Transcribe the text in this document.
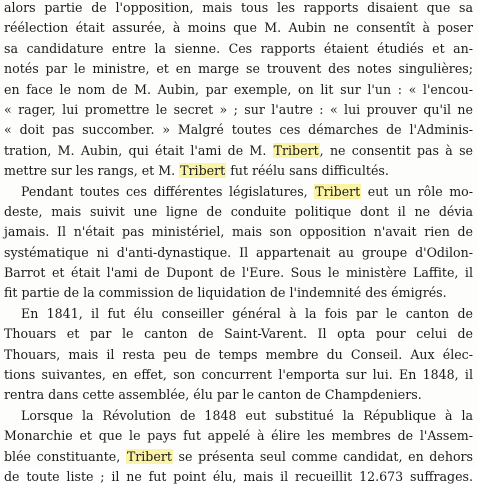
alors partie de l'opposition, mais tous les rapports disaient que sa
réélection était assurée, à moins que M. Aubin ne consentît à poser
sa candidature entre la sienne. Ces rapports étaient étudiés et an-
notés par le ministre, et en marge se trouvent des notes singulières;
en face le nom de M. Aubin, par exemple, on lit sur l'un : « l'encou-
« rager, lui promettre le secret » ; sur l'autre : « lui prouver qu'il ne
« doit pas succomber. » Malgré toutes ces démarches de l'Adminis-
tration, M. Aubin, qui était l'ami de M. Tribert, ne consentit pas à se
mettre sur les rangs, et M. Tribert fut réélu sans difficultés.
Pendant toutes ces différentes législatures, Tribert eut un rôle mo-
deste, mais suivit une ligne de conduite politique dont il ne dévia
jamais. Il n'était pas ministériel, mais son opposition n'avait rien de
systématique ni d'anti-dynastique. Il appartenait au groupe d'Odilon-
Barrot et était l'ami de Dupont de l'Eure. Sous le ministère Laffite, il
fit partie de la commission de liquidation de l'indemnité des émigrés.
En 1841, il fut élu conseiller général à la fois par le canton de
Thouars et par le canton de Saint-Varent. Il opta pour celui de
Thouars, mais il resta peu de temps membre du Conseil. Aux élec-
tions suivantes, en effet, son concurrent l'emporta sur lui. En 1848, il
rentra dans cette assemblée, élu par le canton de Champdeniers.
Lorsque la Révolution de 1848 eut substitué la République à la
Monarchie et que le pays fut appelé à élire les membres de l'Assem-
blée constituante, Tribert se présenta seul comme candidat, en dehors
de toute liste ; il ne fut point élu, mais il recueillit 12.673 suffrages.
